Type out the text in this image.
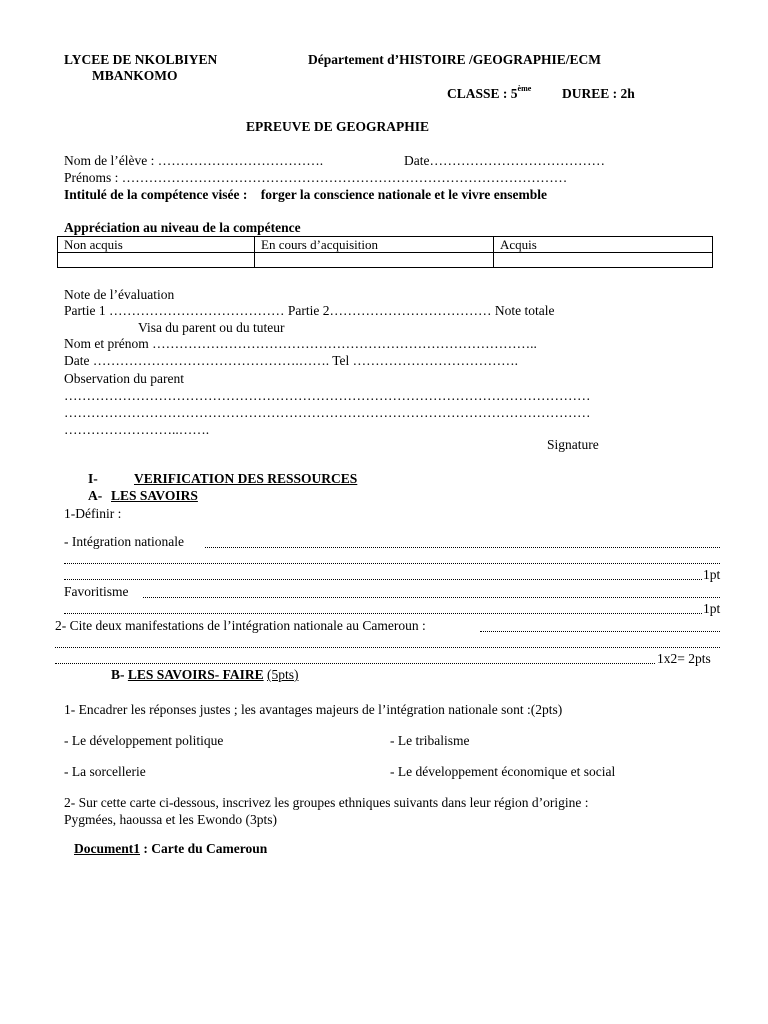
LYCEE DE NKOLBIYEN
MBANKOMO
Département d’HISTOIRE /GEOGRAPHIE/ECM
CLASSE : 5ème DUREE : 2h
EPREUVE DE GEOGRAPHIE
Nom de l’élève : ……………………………….	Date…………………………………
Prénoms : ………………………………………………………………………………………
Intitulé de la compétence visée : forger la conscience nationale et le vivre ensemble
Appréciation au niveau de la compétence
Non acquis	En cours d’acquisition	Acquis

Note de l’évaluation
Partie 1 ………………………………… Partie 2……………………………… Note totale
Visa du parent ou du tuteur
Nom et prénom …………………………………………………………………………..
Date ……………………………………….……. Tel ……………………………….
Observation du parent
………………………………………………………………………………………………………
………………………………………………………………………………………………………
……………………..…….
Signature
I-	VERIFICATION DES RESSOURCES
A- LES SAVOIRS
1-Définir :
- Intégration nationale
1pt
Favoritisme
1pt
2- Cite deux manifestations de l’intégration nationale au Cameroun :
1x2= 2pts
B- LES SAVOIRS- FAIRE (5pts)
1- Encadrer les réponses justes ; les avantages majeurs de l’intégration nationale sont :(2pts)
- Le développement politique	- Le tribalisme
- La sorcellerie	- Le développement économique et social
2- Sur cette carte ci-dessous, inscrivez les groupes ethniques suivants dans leur région d’origine :
Pygmées, haoussa et les Ewondo (3pts)
Document1 : Carte du Cameroun
